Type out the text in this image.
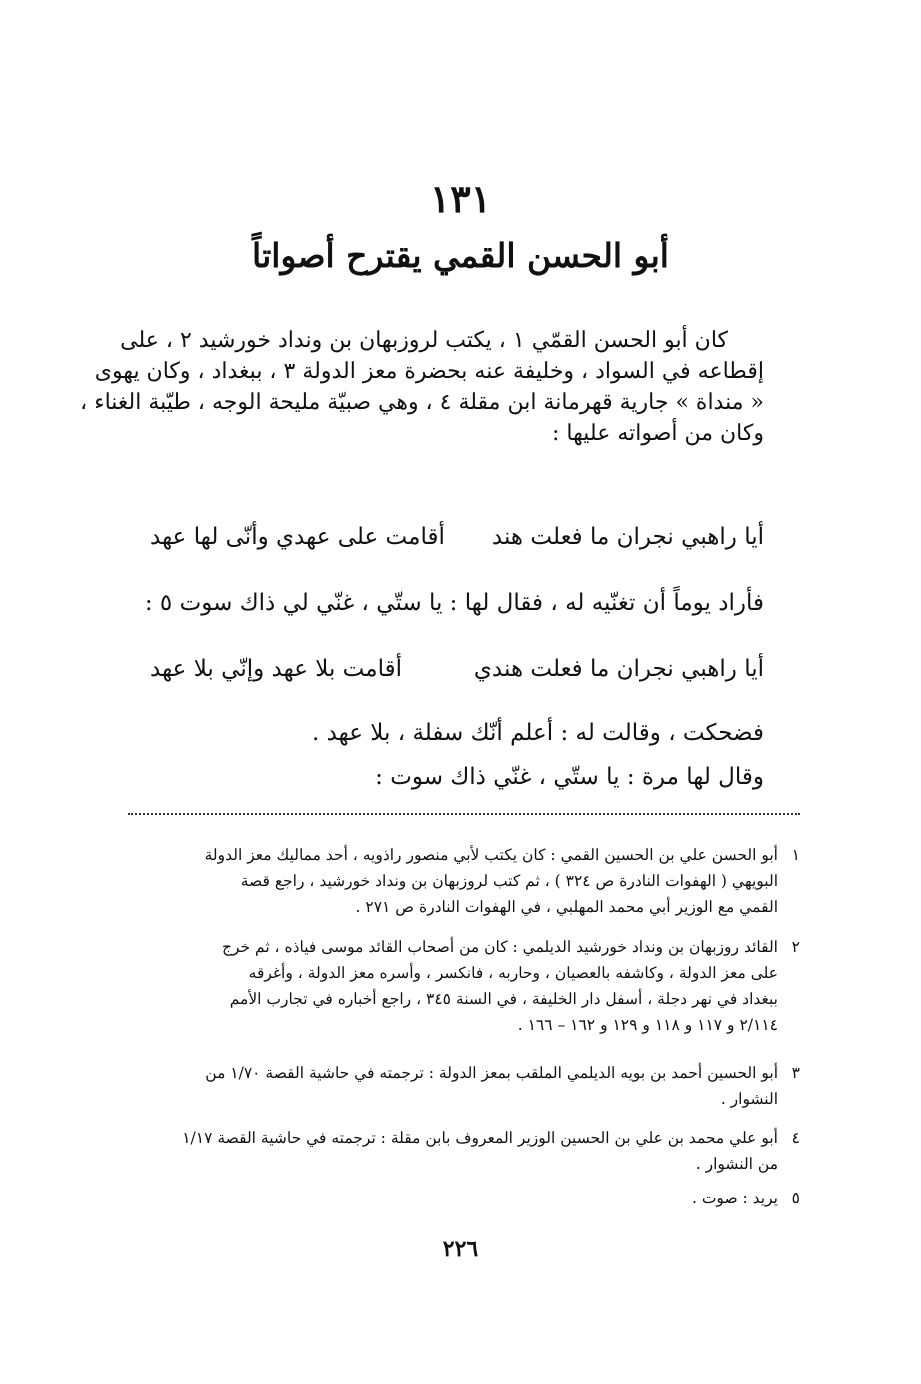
١٣١
أبو الحسن القمي يقترح أصواتاً
كان أبو الحسن القمّي ١ ، يكتب لروزبهان بن ونداد خورشيد ٢ ، على
إقطاعه في السواد ، وخليفة عنه بحضرة معز الدولة ٣ ، ببغداد ، وكان يهوى
« منداة » جارية قهرمانة ابن مقلة ٤ ، وهي صبيّة مليحة الوجه ، طيّبة الغناء ،
وكان من أصواته عليها :
أيا راهبي نجران ما فعلت هند
أقامت على عهدي وأنّى لها عهد
فأراد يوماً أن تغنّيه له ، فقال لها : يا ستّي ، غنّي لي ذاك سوت ٥ :
أيا راهبي نجران ما فعلت هندي
أقامت بلا عهد وإنّي بلا عهد
فضحكت ، وقالت له : أعلم أنّك سفلة ، بلا عهد .
وقال لها مرة : يا ستّي ، غنّي ذاك سوت :
١
أبو الحسن علي بن الحسين القمي : كان يكتب لأبي منصور راذويه ، أحد مماليك معز الدولة
البويهي ( الهفوات النادرة ص ٣٢٤ ) ، ثم كتب لروزبهان بن ونداد خورشيد ، راجع قصة
القمي مع الوزير أبي محمد المهلبي ، في الهفوات النادرة ص ٢٧١ .
٢
القائد روزبهان بن ونداد خورشيد الديلمي : كان من أصحاب القائد موسى فياذه ، ثم خرج
على معز الدولة ، وكاشفه بالعصيان ، وحاربه ، فانكسر ، وأسره معز الدولة ، وأغرقه
ببغداد في نهر دجلة ، أسفل دار الخليفة ، في السنة ٣٤٥ ، راجع أخباره في تجارب الأمم
٢/١١٤ و ١١٧ و ١١٨ و ١٢٩ و ١٦٢ – ١٦٦ .
٣
أبو الحسين أحمد بن بويه الديلمي الملقب بمعز الدولة : ترجمته في حاشية القصة ١/٧٠ من
النشوار .
٤
أبو علي محمد بن علي بن الحسين الوزير المعروف بابن مقلة : ترجمته في حاشية القصة ١/١٧
من النشوار .
٥
يريد : صوت .
٢٢٦
